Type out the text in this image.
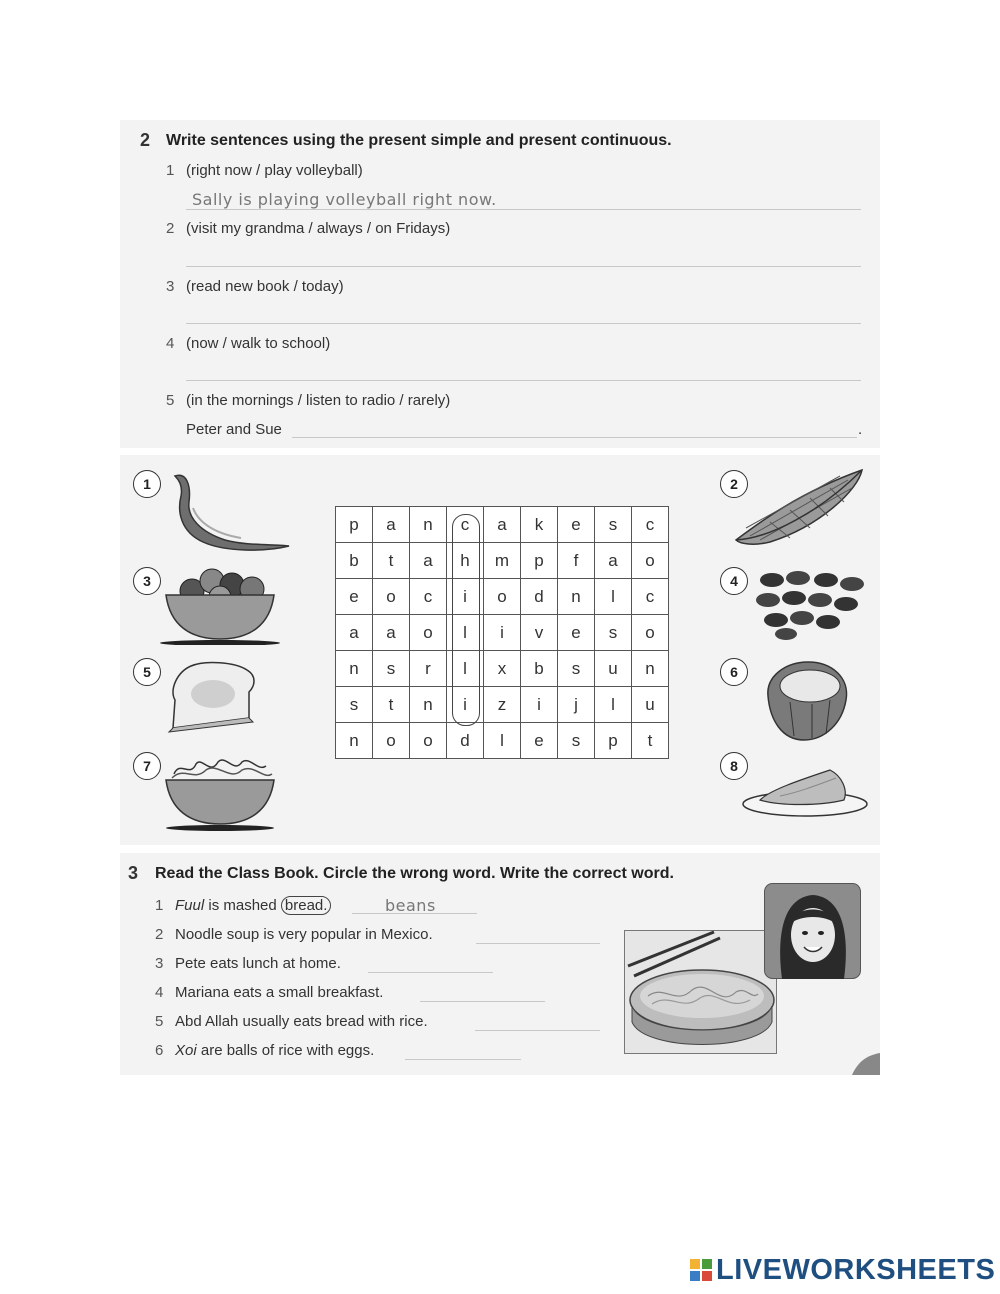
2 Write sentences using the present simple and present continuous.
1 (right now / play volleyball)
Sally is playing volleyball right now.
2 (visit my grandma / always / on Fridays)
3 (read new book / today)
4 (now / walk to school)
5 (in the mornings / listen to radio / rarely)
Peter and Sue	.
1	2
3	4
5	6
7	8
p	a	n	c	a	k	e	s	c
b	t	a	h	m	p	f	a	o
e	o	c	i	o	d	n	l	c
a	a	o	l	i	v	e	s	o
n	s	r	l	x	b	s	u	n
s	t	n	i	z	i	j	l	u
n	o	o	d	l	e	s	p	t
3 Read the Class Book. Circle the wrong word. Write the correct word.
1 Fuul is mashed bread.	beans
2 Noodle soup is very popular in Mexico.
3 Pete eats lunch at home.
4 Mariana eats a small breakfast.
5 Abd Allah usually eats bread with rice.
6 Xoi are balls of rice with eggs.
LIVEWORKSHEETS
